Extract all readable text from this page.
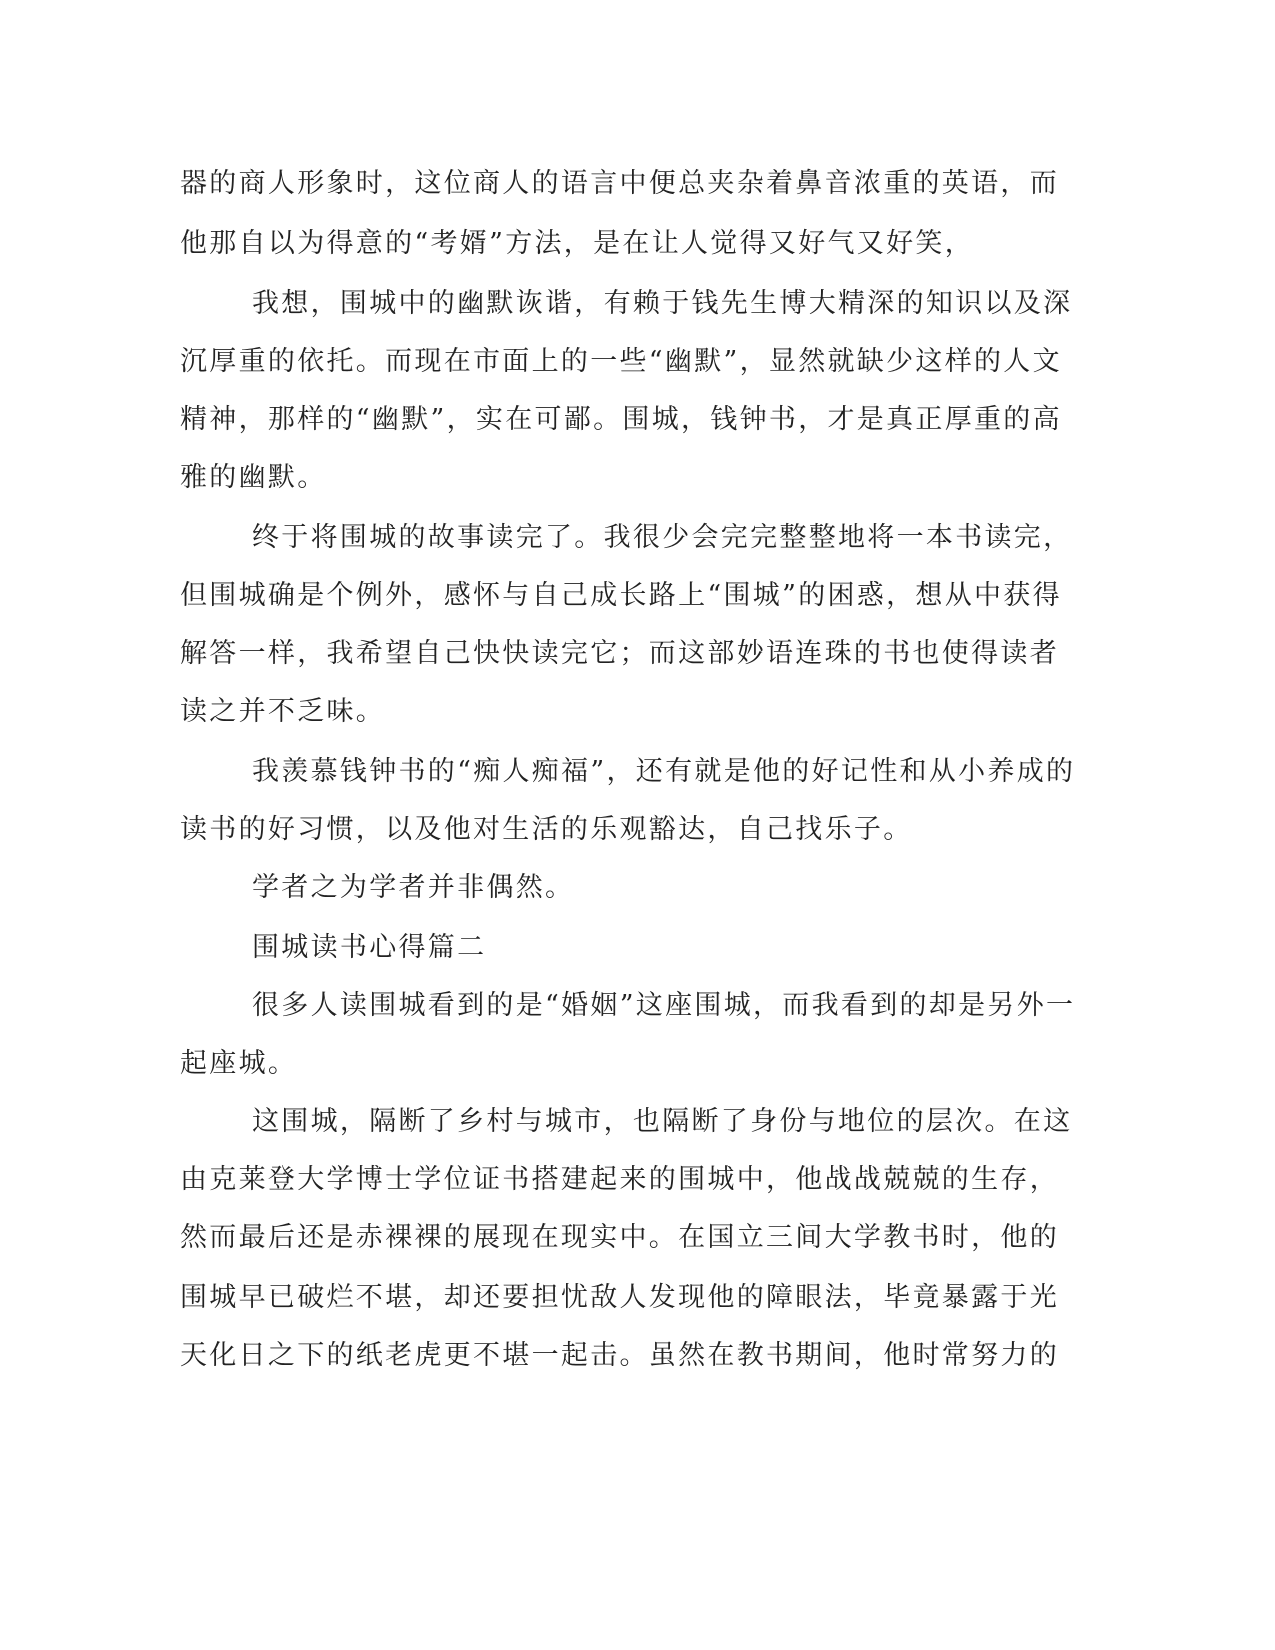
器的商人形象时，这位商人的语言中便总夹杂着鼻音浓重的英语，而
他那自以为得意的“考婿”方法，是在让人觉得又好气又好笑，
我想，围城中的幽默诙谐，有赖于钱先生博大精深的知识以及深
沉厚重的依托。而现在市面上的一些“幽默”，显然就缺少这样的人文
精神，那样的“幽默”，实在可鄙。围城，钱钟书，才是真正厚重的高
雅的幽默。
终于将围城的故事读完了。我很少会完完整整地将一本书读完，
但围城确是个例外，感怀与自己成长路上“围城”的困惑，想从中获得
解答一样，我希望自己快快读完它；而这部妙语连珠的书也使得读者
读之并不乏味。
我羡慕钱钟书的“痴人痴福”，还有就是他的好记性和从小养成的
读书的好习惯，以及他对生活的乐观豁达，自己找乐子。
学者之为学者并非偶然。
围城读书心得篇二
很多人读围城看到的是“婚姻”这座围城，而我看到的却是另外一
起座城。
这围城，隔断了乡村与城市，也隔断了身份与地位的层次。在这
由克莱登大学博士学位证书搭建起来的围城中，他战战兢兢的生存，
然而最后还是赤裸裸的展现在现实中。在国立三间大学教书时，他的
围城早已破烂不堪，却还要担忧敌人发现他的障眼法，毕竟暴露于光
天化日之下的纸老虎更不堪一起击。虽然在教书期间，他时常努力的
